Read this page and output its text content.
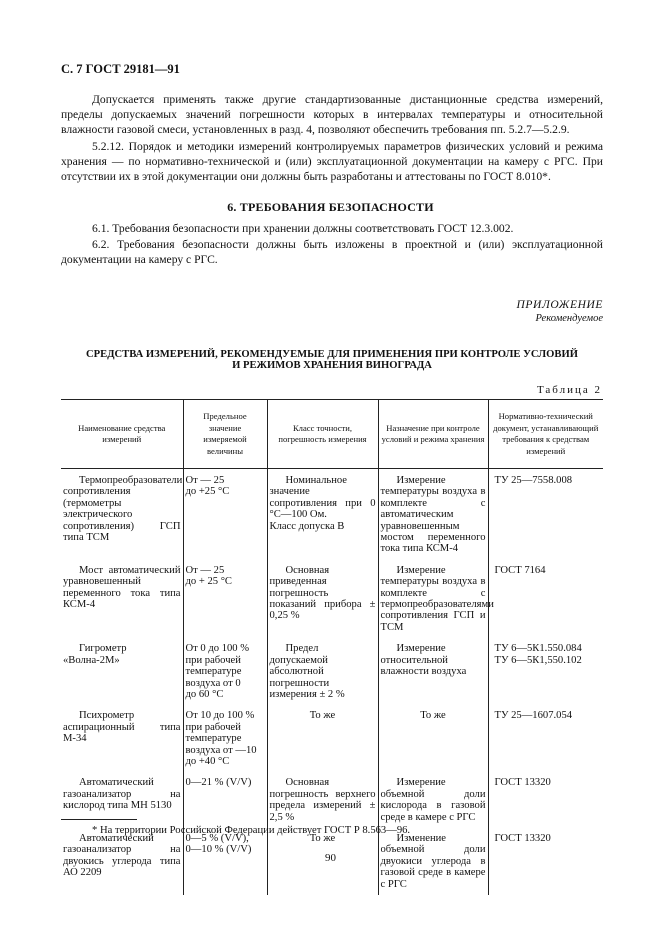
С. 7 ГОСТ 29181—91

Допускается применять также другие стандартизованные дистанционные средства измерений, пределы допускаемых значений погрешности которых в интервалах температуры и относительной влажности газовой смеси, установленных в разд. 4, позволяют обеспечить требования пп. 5.2.7—5.2.9.

5.2.12. Порядок и методики измерений контролируемых параметров физических условий и режима хранения — по нормативно-технической и (или) эксплуатационной документации на камеру с РГС. При отсутствии их в этой документации они должны быть разработаны и аттестованы по ГОСТ 8.010*.

6. ТРЕБОВАНИЯ БЕЗОПАСНОСТИ

6.1. Требования безопасности при хранении должны соответствовать ГОСТ 12.3.002.

6.2. Требования безопасности должны быть изложены в проектной и (или) эксплуатационной документации на камеру с РГС.

ПРИЛОЖЕНИЕ
Рекомендуемое
СРЕДСТВА ИЗМЕРЕНИЙ, РЕКОМЕНДУЕМЫЕ ДЛЯ ПРИМЕНЕНИЯ ПРИ КОНТРОЛЕ УСЛОВИЙ
И РЕЖИМОВ ХРАНЕНИЯ ВИНОГРАДА
Таблица 2
Наименование средства измерений	Предельное значение измеряемой величины	Класс точности, погрешность измерения	Назначение при контроле условий и режима хранения	Нормативно-технический документ, устанавливающий требования к средствам измерений
Термопреобразователи сопротивления (термометры электрического сопротивления) ГСП типа ТСМ	От — 25
до +25 °С	Номинальное значение сопротивления при 0 °С—100 Ом.
Класс допуска В	Измерение температуры воздуха в комплекте с автоматическим уравновешенным мостом переменного тока типа КСМ-4	ТУ 25—7558.008

Мост автоматический уравновешенный переменного тока типа КСМ-4	От — 25
до + 25 °С	Основная приведенная погрешность показаний прибора ± 0,25 %	Измерение температуры воздуха в комплекте с термопреобразователями сопротивления ГСП и ТСМ	ГОСТ 7164

Гигрометр «Волна-2М»	От 0 до 100 %
при рабочей
температуре
воздуха от 0
до 60 °С	Предел допускаемой абсолютной погрешности измерения ± 2 %	Измерение относительной влажности воздуха	ТУ 6—5К1.550.084
ТУ 6—5К1,550.102

Психрометр аспирационный типа М-34	От 10 до 100 %
при рабочей
температуре
воздуха от —10
до +40 °С	То же	То же	ТУ 25—1607.054

Автоматический газоанализатор на кислород типа МН 5130	0—21 % (V/V)	Основная погрешность верхнего предела измерений ± 2,5 %	Измерение объемной доли кислорода в газовой среде в камере с РГС	ГОСТ 13320

Автоматический газоанализатор на двуокись углерода типа АО 2209	0—5 % (V/V),
0—10 % (V/V)	То же	Изменение объемной доли двуокиси углерода в газовой среде в камере с РГС	ГОСТ 13320
* На территории Российской Федерации действует ГОСТ Р 8.563—96.
90
